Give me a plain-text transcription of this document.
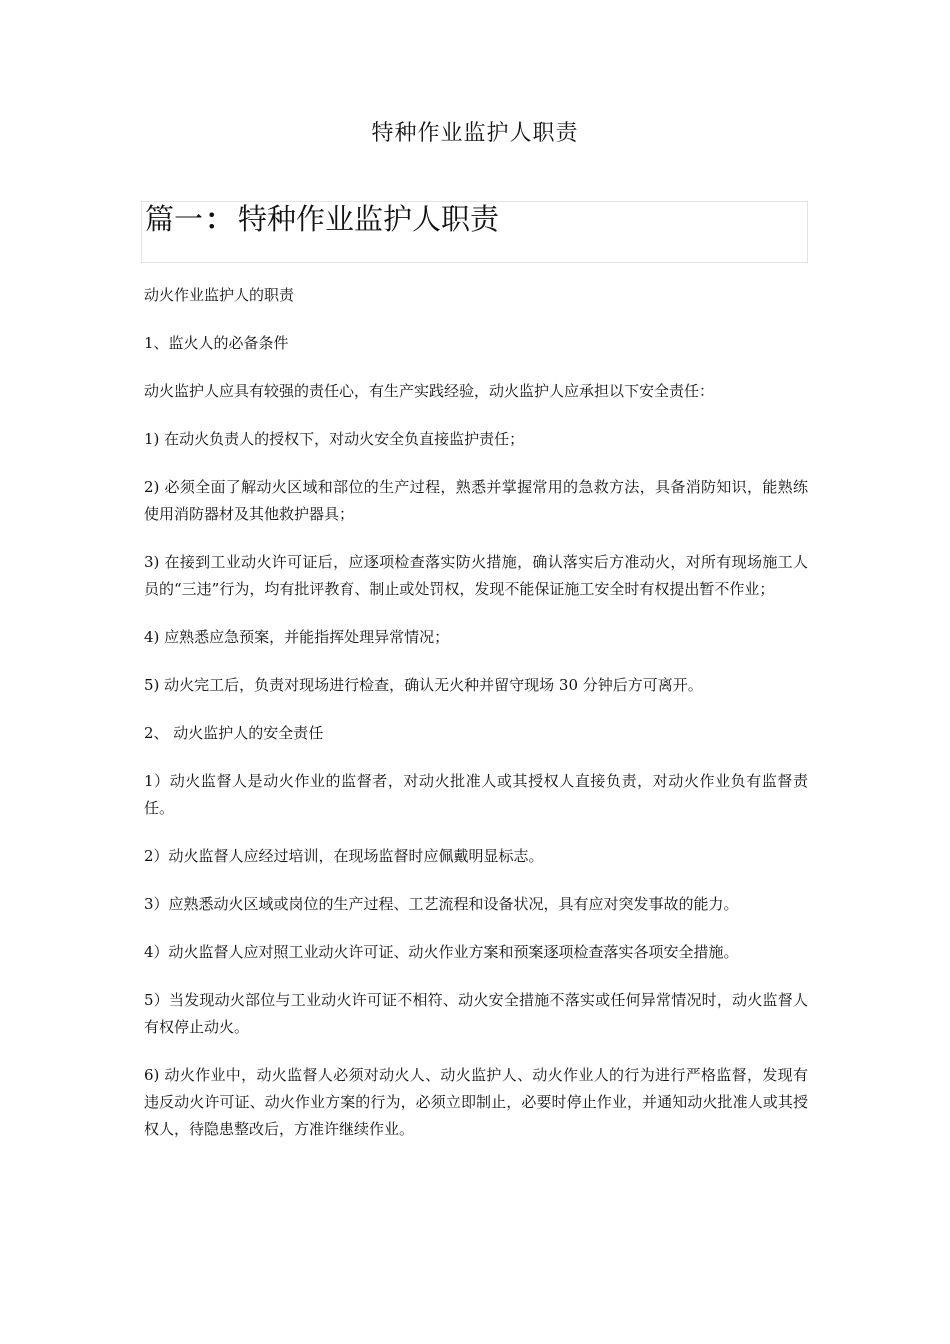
特种作业监护人职责
篇一： 特种作业监护人职责

动火作业监护人的职责

1、监火人的必备条件

动火监护人应具有较强的责任心，有生产实践经验，动火监护人应承担以下安全责任：

1) 在动火负责人的授权下，对动火安全负直接监护责任；

2) 必须全面了解动火区域和部位的生产过程，熟悉并掌握常用的急救方法，具备消防知识，能熟练使用消防器材及其他救护器具；

3) 在接到工业动火许可证后，应逐项检查落实防火措施，确认落实后方准动火，对所有现场施工人员的“三违”行为，均有批评教育、制止或处罚权，发现不能保证施工安全时有权提出暂不作业；

4) 应熟悉应急预案，并能指挥处理异常情况；

5) 动火完工后，负责对现场进行检查，确认无火种并留守现场 30 分钟后方可离开。

2、 动火监护人的安全责任

1）动火监督人是动火作业的监督者，对动火批准人或其授权人直接负责，对动火作业负有监督责任。

2）动火监督人应经过培训，在现场监督时应佩戴明显标志。

3）应熟悉动火区域或岗位的生产过程、工艺流程和设备状况，具有应对突发事故的能力。

4）动火监督人应对照工业动火许可证、动火作业方案和预案逐项检查落实各项安全措施。

5）当发现动火部位与工业动火许可证不相符、动火安全措施不落实或任何异常情况时，动火监督人有权停止动火。

6) 动火作业中，动火监督人必须对动火人、动火监护人、动火作业人的行为进行严格监督，发现有违反动火许可证、动火作业方案的行为，必须立即制止，必要时停止作业，并通知动火批准人或其授权人，待隐患整改后，方准许继续作业。
